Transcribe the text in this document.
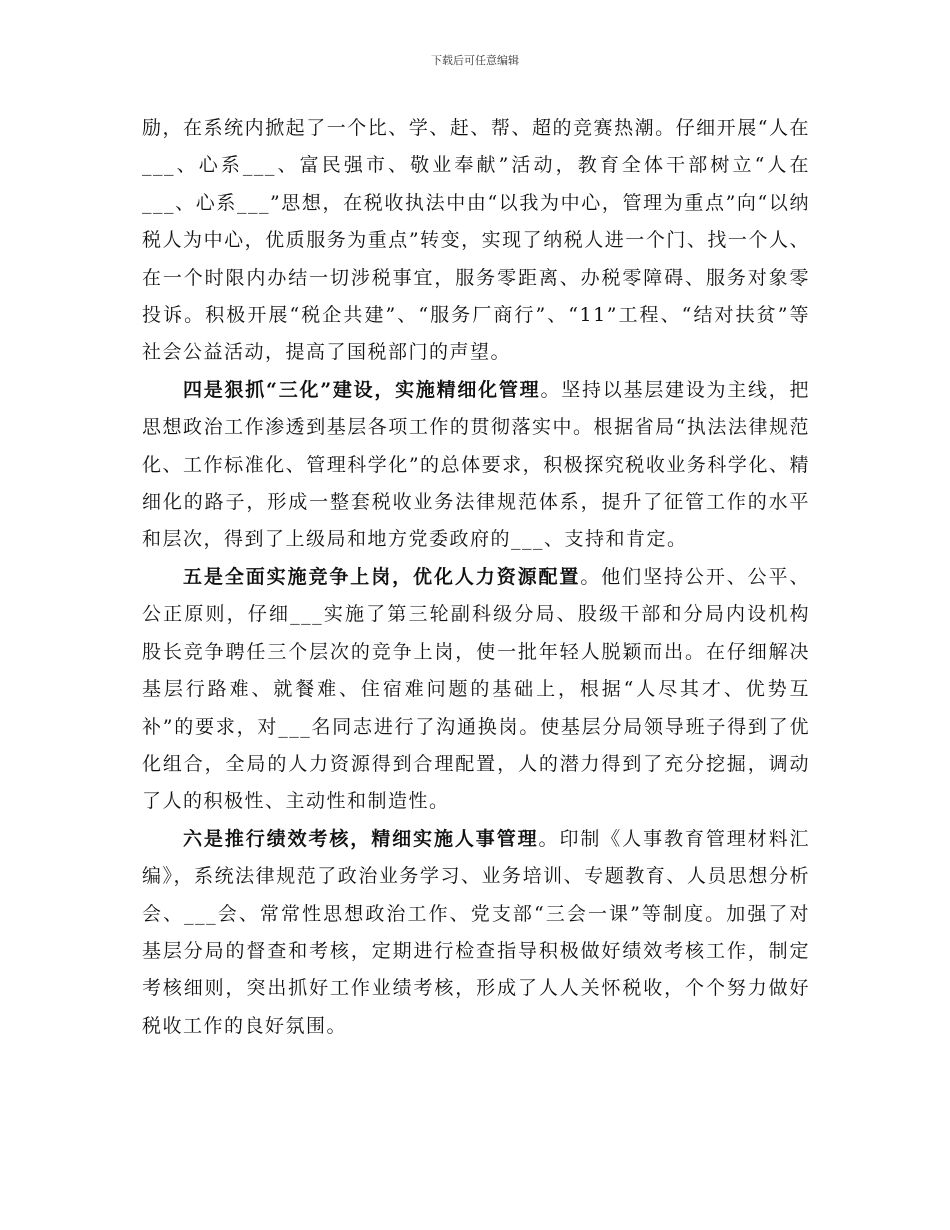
下载后可任意编辑

励，在系统内掀起了一个比、学、赶、帮、超的竞赛热潮。仔细开展“人在___、心系___、富民强市、敬业奉献”活动，教育全体干部树立“人在___、心系___”思想，在税收执法中由“以我为中心，管理为重点”向“以纳税人为中心，优质服务为重点”转变，实现了纳税人进一个门、找一个人、在一个时限内办结一切涉税事宜，服务零距离、办税零障碍、服务对象零投诉。积极开展“税企共建”、“服务厂商行”、“11”工程、“结对扶贫”等社会公益活动，提高了国税部门的声望。

四是狠抓“三化”建设，实施精细化管理。坚持以基层建设为主线，把思想政治工作渗透到基层各项工作的贯彻落实中。根据省局“执法法律规范化、工作标准化、管理科学化”的总体要求，积极探究税收业务科学化、精细化的路子，形成一整套税收业务法律规范体系，提升了征管工作的水平和层次，得到了上级局和地方党委政府的___、支持和肯定。

五是全面实施竞争上岗，优化人力资源配置。他们坚持公开、公平、公正原则，仔细___实施了第三轮副科级分局、股级干部和分局内设机构股长竞争聘任三个层次的竞争上岗，使一批年轻人脱颖而出。在仔细解决基层行路难、就餐难、住宿难问题的基础上，根据“人尽其才、优势互补”的要求，对___名同志进行了沟通换岗。使基层分局领导班子得到了优化组合，全局的人力资源得到合理配置，人的潜力得到了充分挖掘，调动了人的积极性、主动性和制造性。

六是推行绩效考核，精细实施人事管理。印制《人事教育管理材料汇编》，系统法律规范了政治业务学习、业务培训、专题教育、人员思想分析会、___会、常常性思想政治工作、党支部“三会一课”等制度。加强了对基层分局的督查和考核，定期进行检查指导积极做好绩效考核工作，制定考核细则，突出抓好工作业绩考核，形成了人人关怀税收，个个努力做好税收工作的良好氛围。
